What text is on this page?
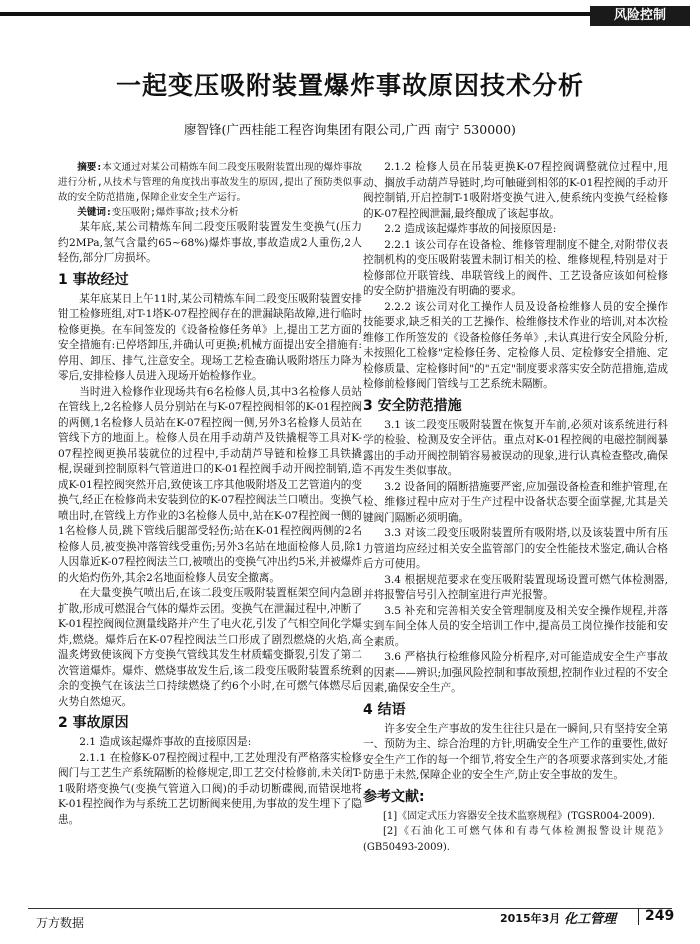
风险控制
一起变压吸附装置爆炸事故原因技术分析
廖智锋(广西桂能工程咨询集团有限公司,广西 南宁 530000)

摘要:本文通过对某公司精炼车间二段变压吸附装置出现的爆炸事故进行分析,从技术与管理的角度找出事故发生的原因,提出了预防类似事故的安全防范措施,保障企业安全生产运行。

关键词:变压吸附;爆炸事故;技术分析

某年底,某公司精炼车间二段变压吸附装置发生变换气(压力约2MPa,氢气含量约65~68%)爆炸事故,事故造成2人重伤,2人轻伤,部分厂房损坏。

1 事故经过

某年底某日上午11时,某公司精炼车间二段变压吸附装置安排钳工检修班组,对T-1塔K-07程控阀存在的泄漏缺陷故障,进行临时检修更换。在车间签发的《设备检修任务单》上,提出工艺方面的安全措施有:已停塔卸压,并确认可更换;机械方面提出安全措施有:停用、卸压、排气,注意安全。现场工艺检查确认吸附塔压力降为零后,安排检修人员进入现场开始检修作业。

当时进入检修作业现场共有6名检修人员,其中3名检修人员站在管线上,2名检修人员分别站在与K-07程控阀相邻的K-01程控阀的两侧,1名检修人员站在K-07程控阀一侧,另外3名检修人员站在管线下方的地面上。检修人员在用手动葫芦及铁撬棍等工具对K-07程控阀更换吊装就位的过程中,手动葫芦导链和检修工具铁撬棍,误碰到控制原料气管道进口的K-01程控阀手动开阀控制销,造成K-01程控阀突然开启,致使该工序其他吸附塔及工艺管道内的变换气,经正在检修尚未安装到位的K-07程控阀法兰口喷出。变换气喷出时,在管线上方作业的3名检修人员中,站在K-07程控阀一侧的1名检修人员,跳下管线后腿部受轻伤;站在K-01程控阀两侧的2名检修人员,被变换冲落管线受重伤;另外3名站在地面检修人员,除1人因靠近K-07程控阀法兰口,被喷出的变换气冲出约5米,并被爆炸的火焰灼伤外,其余2名地面检修人员安全撤离。

在大量变换气喷出后,在该二段变压吸附装置框架空间内急剧扩散,形成可燃混合气体的爆炸云团。变换气在泄漏过程中,冲断了K-01程控阀阀位测量线路并产生了电火花,引发了气相空间化学爆炸,燃烧。爆炸后在K-07程控阀法兰口形成了剧烈燃烧的火焰,高温炙烤致使该阀下方变换气管线其发生材质蠕变撕裂,引发了第二次管道爆炸。爆炸、燃烧事故发生后,该二段变压吸附装置系统剩余的变换气在该法兰口持续燃烧了约6个小时,在可燃气体燃尽后火势自然熄灭。

2 事故原因

2.1 造成该起爆炸事故的直接原因是:

2.1.1 在检修K-07程控阀过程中,工艺处理没有严格落实检修阀门与工艺生产系统隔断的检修规定,即工艺交付检修前,未关闭T-1吸附塔变换气(变换气管道入口阀)的手动切断碟阀,而错误地将K-01程控阀作为与系统工艺切断阀来使用,为事故的发生埋下了隐患。

2.1.2 检修人员在吊装更换K-07程控阀调整就位过程中,甩动、搁放手动葫芦导链时,均可触碰到相邻的K-01程控阀的手动开阀控制销,开启控制T-1吸附塔变换气进入,使系统内变换气经检修的K-07程控阀泄漏,最终酿成了该起事故。

2.2 造成该起爆炸事故的间接原因是:

2.2.1 该公司存在设备检、维修管理制度不健全,对附带仪表控制机构的变压吸附装置未制订相关的检、维修规程,特别是对于检修部位开联管线、串联管线上的阀件、工艺设备应该如何检修的安全防护措施没有明确的要求。

2.2.2 该公司对化工操作人员及设备检维修人员的安全操作技能要求,缺乏相关的工艺操作、检维修技术作业的培训,对本次检维修工作所签发的《设备检修任务单》,未认真进行安全风险分析,未按照化工检修"定检修任务、定检修人员、定检修安全措施、定检修质量、定检修时间"的"五定"制度要求落实安全防范措施,造成检修前检修阀门管线与工艺系统未隔断。

3 安全防范措施

3.1 该二段变压吸附装置在恢复开车前,必须对该系统进行科学的检验、检测及安全评估。重点对K-01程控阀的电磁控制阀暴露出的手动开阀控制销容易被误动的现象,进行认真检查整改,确保不再发生类似事故。

3.2 设备间的隔断措施要严密,应加强设备检查和维护管理,在检、维修过程中应对于生产过程中设备状态要全面掌握,尤其是关键阀门隔断必须明确。

3.3 对该二段变压吸附装置所有吸附塔,以及该装置中所有压力管道均应经过相关安全监管部门的安全性能技术鉴定,确认合格后方可使用。

3.4 根据规范要求在变压吸附装置现场设置可燃气体检测器,并将报警信号引入控制室进行声光报警。

3.5 补充和完善相关安全管理制度及相关安全操作规程,并落实到车间全体人员的安全培训工作中,提高员工岗位操作技能和安全素质。

3.6 严格执行检维修风险分析程序,对可能造成安全生产事故的因素——辨识;加强风险控制和事故预想,控制作业过程的不安全因素,确保安全生产。

4 结语

许多安全生产事故的发生往往只是在一瞬间,只有坚持安全第一、预防为主、综合治理的方针,明确安全生产工作的重要性,做好安全生产工作的每一个细节,将安全生产的各项要求落到实处,才能防患于未然,保障企业的安全生产,防止安全事故的发生。

参考文献:

[1]《固定式压力容器安全技术监察规程》(TGSR004-2009).

[2]《石油化工可燃气体和有毒气体检测报警设计规范》(GB50493-2009).

万方数据	2015年3月 化工管理 249
